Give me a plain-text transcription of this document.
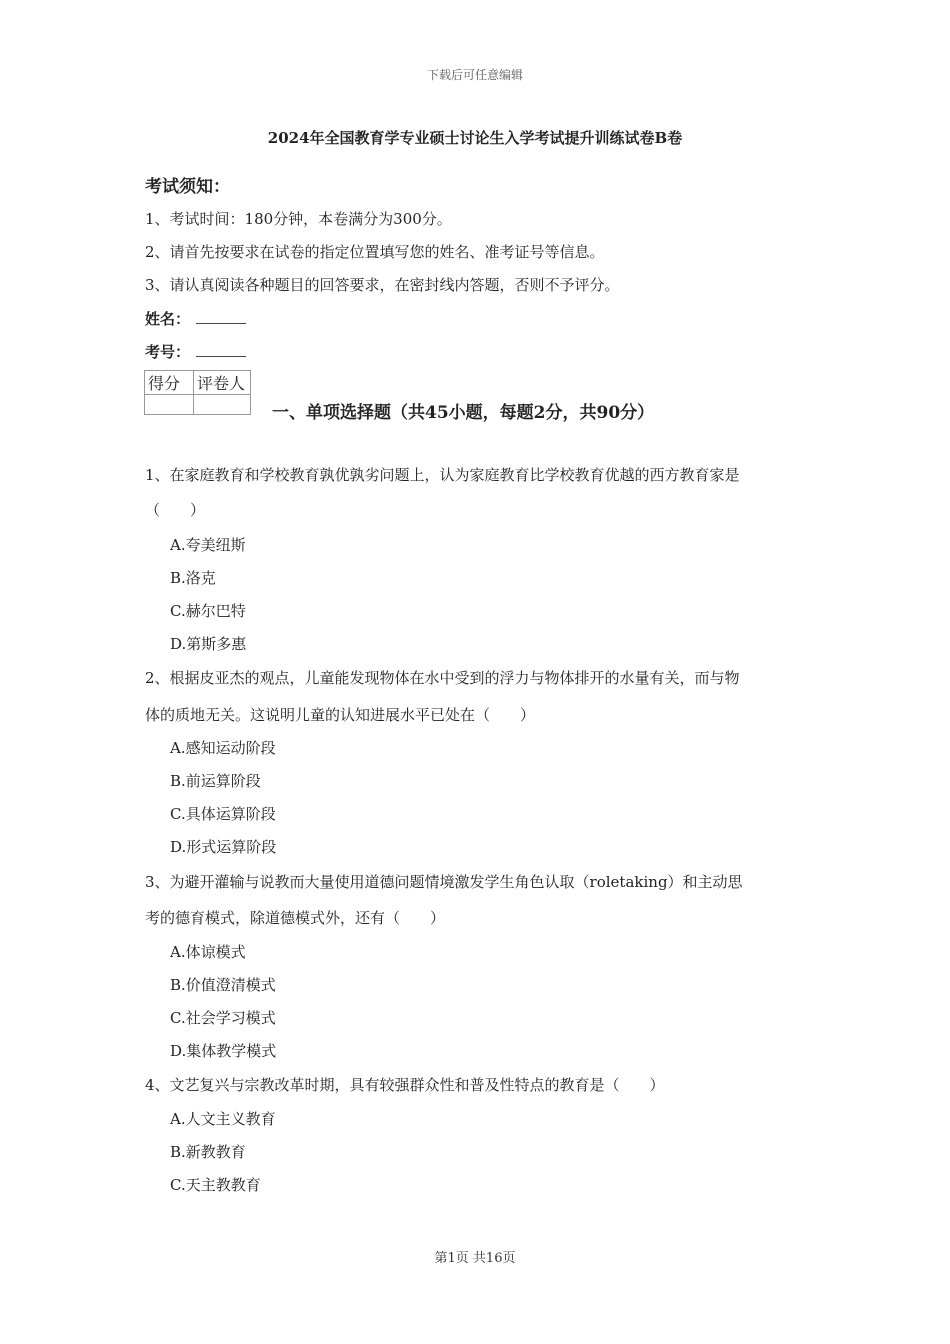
下载后可任意编辑
2024年全国教育学专业硕士讨论生入学考试提升训练试卷B卷
考试须知：
1、考试时间：180分钟，本卷满分为300分。
2、请首先按要求在试卷的指定位置填写您的姓名、准考证号等信息。
3、请认真阅读各种题目的回答要求，在密封线内答题，否则不予评分。
姓名：
考号：
得分	评卷人

一、单项选择题（共45小题，每题2分，共90分）
1、在家庭教育和学校教育孰优孰劣问题上，认为家庭教育比学校教育优越的西方教育家是
（　　）
A.夸美纽斯
B.洛克
C.赫尔巴特
D.第斯多惠
2、根据皮亚杰的观点，儿童能发现物体在水中受到的浮力与物体排开的水量有关，而与物
体的质地无关。这说明儿童的认知进展水平已处在（　　）
A.感知运动阶段
B.前运算阶段
C.具体运算阶段
D.形式运算阶段
3、为避开灌输与说教而大量使用道德问题情境激发学生角色认取（roletaking）和主动思
考的德育模式，除道德模式外，还有（　　）
A.体谅模式
B.价值澄清模式
C.社会学习模式
D.集体教学模式
4、文艺复兴与宗教改革时期，具有较强群众性和普及性特点的教育是（　　）
A.人文主义教育
B.新教教育
C.天主教教育
第1页 共16页
